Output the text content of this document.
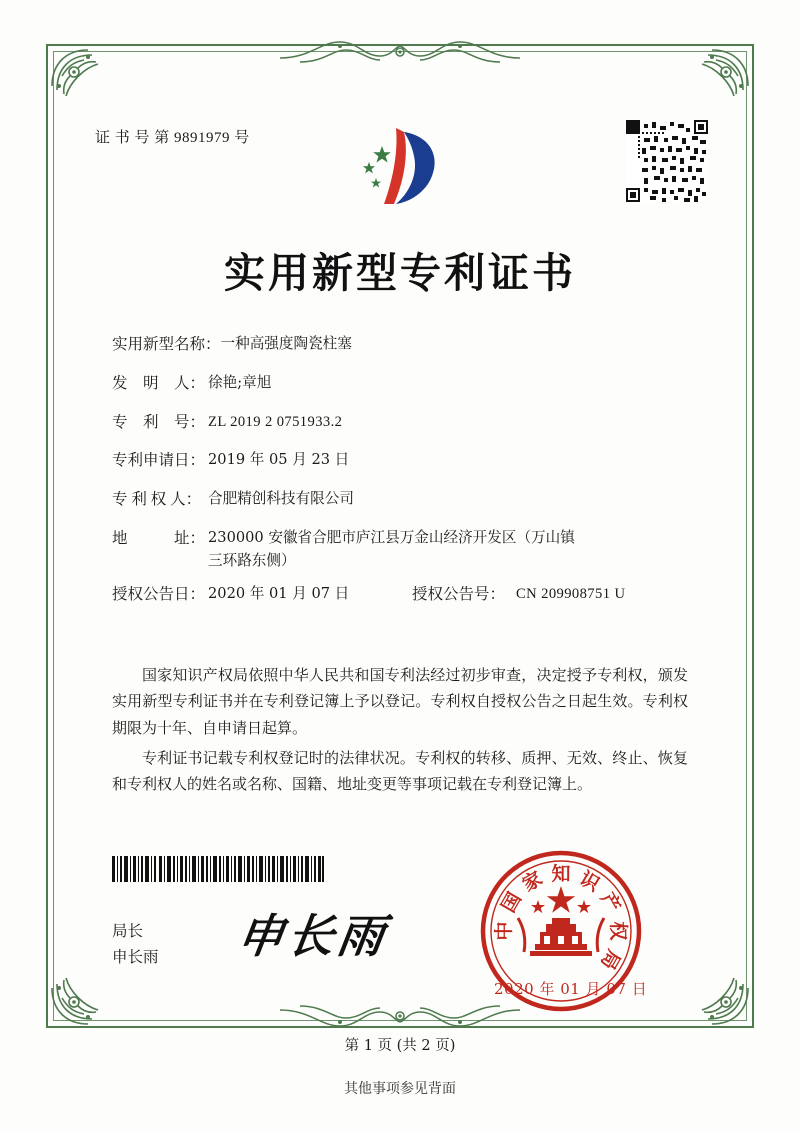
证 书 号 第 9891979 号
实用新型专利证书
实用新型名称： 一种高强度陶瓷柱塞
发　明　人： 徐艳;章旭
专　利　号： ZL 2019 2 0751933.2
专利申请日： 2019 年 05 月 23 日
专 利 权 人： 合肥精创科技有限公司
地　　　址： 230000 安徽省合肥市庐江县万金山经济开发区（万山镇
三环路东侧）
授权公告日： 2020 年 01 月 07 日	授权公告号： CN 209908751 U

国家知识产权局依照中华人民共和国专利法经过初步审查，决定授予专利权，颁发实用新型专利证书并在专利登记簿上予以登记。专利权自授权公告之日起生效。专利权期限为十年、自申请日起算。

专利证书记载专利权登记时的法律状况。专利权的转移、质押、无效、终止、恢复和专利权人的姓名或名称、国籍、地址变更等事项记载在专利登记簿上。

局长
申长雨 申长雨
知 识
产
权
局
家
国
中
2020 年 01 月 07 日
第 1 页 (共 2 页)
其他事项参见背面
